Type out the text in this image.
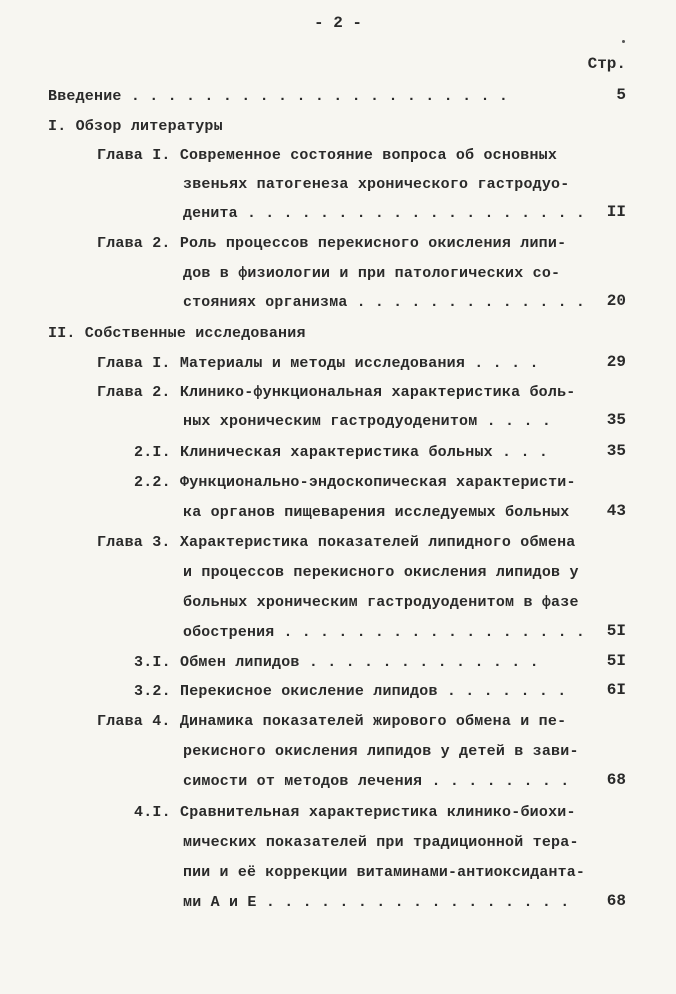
- 2 -
Стр.
Введение . . . . . . . . . . . . . . . . . . . . .	5
I. Обзор литературы
Глава I. Современное состояние вопроса об основных
звеньях патогенеза хронического гастродуо-
денита . . . . . . . . . . . . . . . . . . . II
Глава 2. Роль процессов перекисного окисления липи-
дов в физиологии и при патологических со-
стояниях организма . . . . . . . . . . . . . 20
II. Собственные исследования
Глава I. Материалы и методы исследования . . . .	29
Глава 2. Клинико-функциональная характеристика боль-
ных хроническим гастродуоденитом . . . .	35
2.I. Клиническая характеристика больных . . .	35
2.2. Функционально-эндоскопическая характеристи-
ка органов пищеварения исследуемых больных 43
Глава 3. Характеристика показателей липидного обмена
и процессов перекисного окисления липидов у
больных хроническим гастродуоденитом в фазе
обострения . . . . . . . . . . . . . . . . . 5I
3.I. Обмен липидов . . . . . . . . . . . . .	5I
3.2. Перекисное окисление липидов . . . . . . .	6I
Глава 4. Динамика показателей жирового обмена и пе-
рекисного окисления липидов у детей в зави-
симости от методов лечения . . . . . . . . 68
4.I. Сравнительная характеристика клинико-биохи-
мических показателей при традиционной тера-
пии и её коррекции витаминами-антиоксиданта-
ми А и Е . . . . . . . . . . . . . . . . . 68
